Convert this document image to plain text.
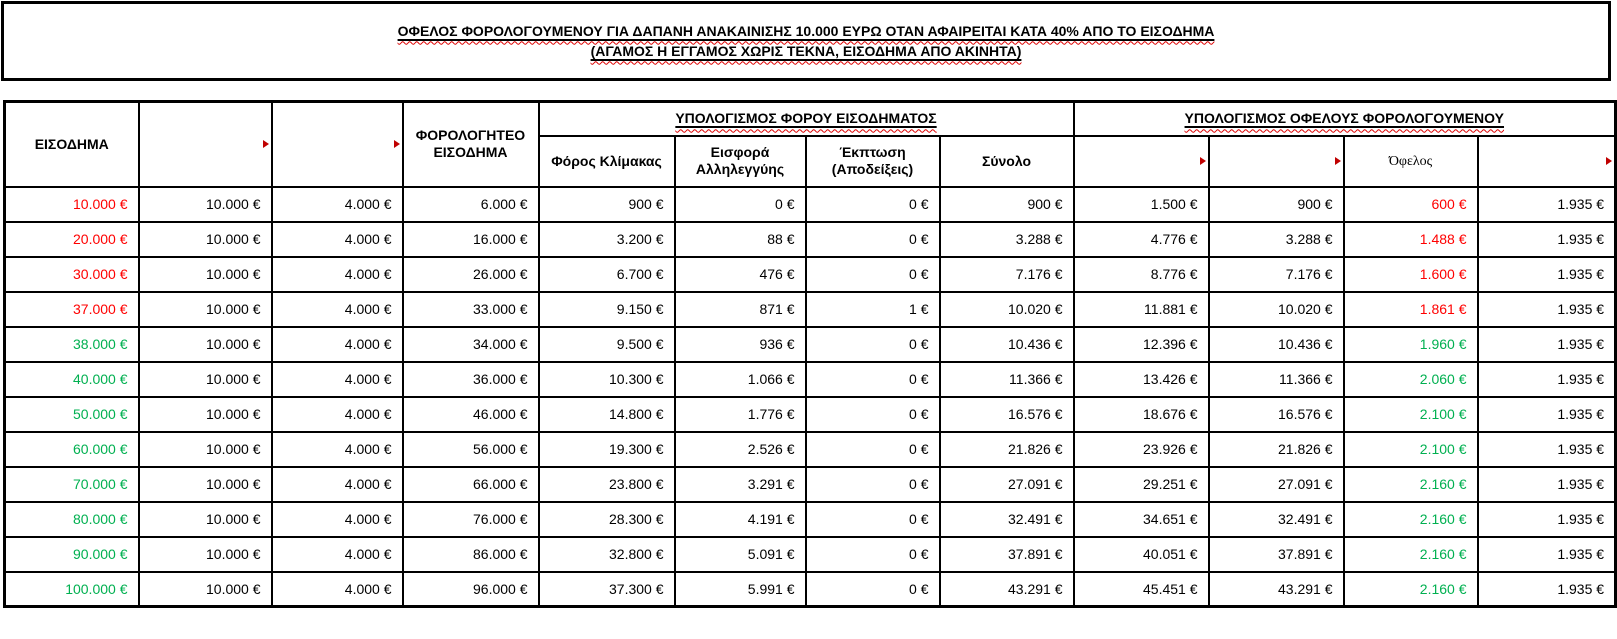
ΟΦΕΛΟΣ ΦΟΡΟΛΟΓΟΥΜΕΝΟΥ ΓΙΑ ΔΑΠΑΝΗ ΑΝΑΚΑΙΝΙΣΗΣ 10.000 ΕΥΡΩ ΟΤΑΝ ΑΦΑΙΡΕΙΤΑΙ ΚΑΤΑ 40% ΑΠΟ ΤΟ ΕΙΣΟΔΗΜΑ
(ΑΓΑΜΟΣ Η ΕΓΓΑΜΟΣ ΧΩΡΙΣ ΤΕΚΝΑ, ΕΙΣΟΔΗΜΑ ΑΠΟ ΑΚΙΝΗΤΑ)
ΕΙΣΟΔΗΜΑ			ΦΟΡΟΛΟΓΗΤΕΟ ΕΙΣΟΔΗΜΑ	ΥΠΟΛΟΓΙΣΜΟΣ ΦΟΡΟΥ ΕΙΣΟΔΗΜΑΤΟΣ				ΥΠΟΛΟΓΙΣΜΟΣ ΟΦΕΛΟΥΣ ΦΟΡΟΛΟΓΟΥΜΕΝΟΥ			
				Φόρος Κλίμακας	Εισφορά Αλληλεγγύης	Έκπτωση (Αποδείξεις)	Σύνολο			Όφελος	

10.000 €	10.000 €	4.000 €	6.000 €	900 €	0 €	0 €	900 €	1.500 €	900 €	600 €	1.935 €
20.000 €	10.000 €	4.000 €	16.000 €	3.200 €	88 €	0 €	3.288 €	4.776 €	3.288 €	1.488 €	1.935 €
30.000 €	10.000 €	4.000 €	26.000 €	6.700 €	476 €	0 €	7.176 €	8.776 €	7.176 €	1.600 €	1.935 €
37.000 €	10.000 €	4.000 €	33.000 €	9.150 €	871 €	1 €	10.020 €	11.881 €	10.020 €	1.861 €	1.935 €
38.000 €	10.000 €	4.000 €	34.000 €	9.500 €	936 €	0 €	10.436 €	12.396 €	10.436 €	1.960 €	1.935 €
40.000 €	10.000 €	4.000 €	36.000 €	10.300 €	1.066 €	0 €	11.366 €	13.426 €	11.366 €	2.060 €	1.935 €
50.000 €	10.000 €	4.000 €	46.000 €	14.800 €	1.776 €	0 €	16.576 €	18.676 €	16.576 €	2.100 €	1.935 €
60.000 €	10.000 €	4.000 €	56.000 €	19.300 €	2.526 €	0 €	21.826 €	23.926 €	21.826 €	2.100 €	1.935 €
70.000 €	10.000 €	4.000 €	66.000 €	23.800 €	3.291 €	0 €	27.091 €	29.251 €	27.091 €	2.160 €	1.935 €
80.000 €	10.000 €	4.000 €	76.000 €	28.300 €	4.191 €	0 €	32.491 €	34.651 €	32.491 €	2.160 €	1.935 €
90.000 €	10.000 €	4.000 €	86.000 €	32.800 €	5.091 €	0 €	37.891 €	40.051 €	37.891 €	2.160 €	1.935 €
100.000 €	10.000 €	4.000 €	96.000 €	37.300 €	5.991 €	0 €	43.291 €	45.451 €	43.291 €	2.160 €	1.935 €
